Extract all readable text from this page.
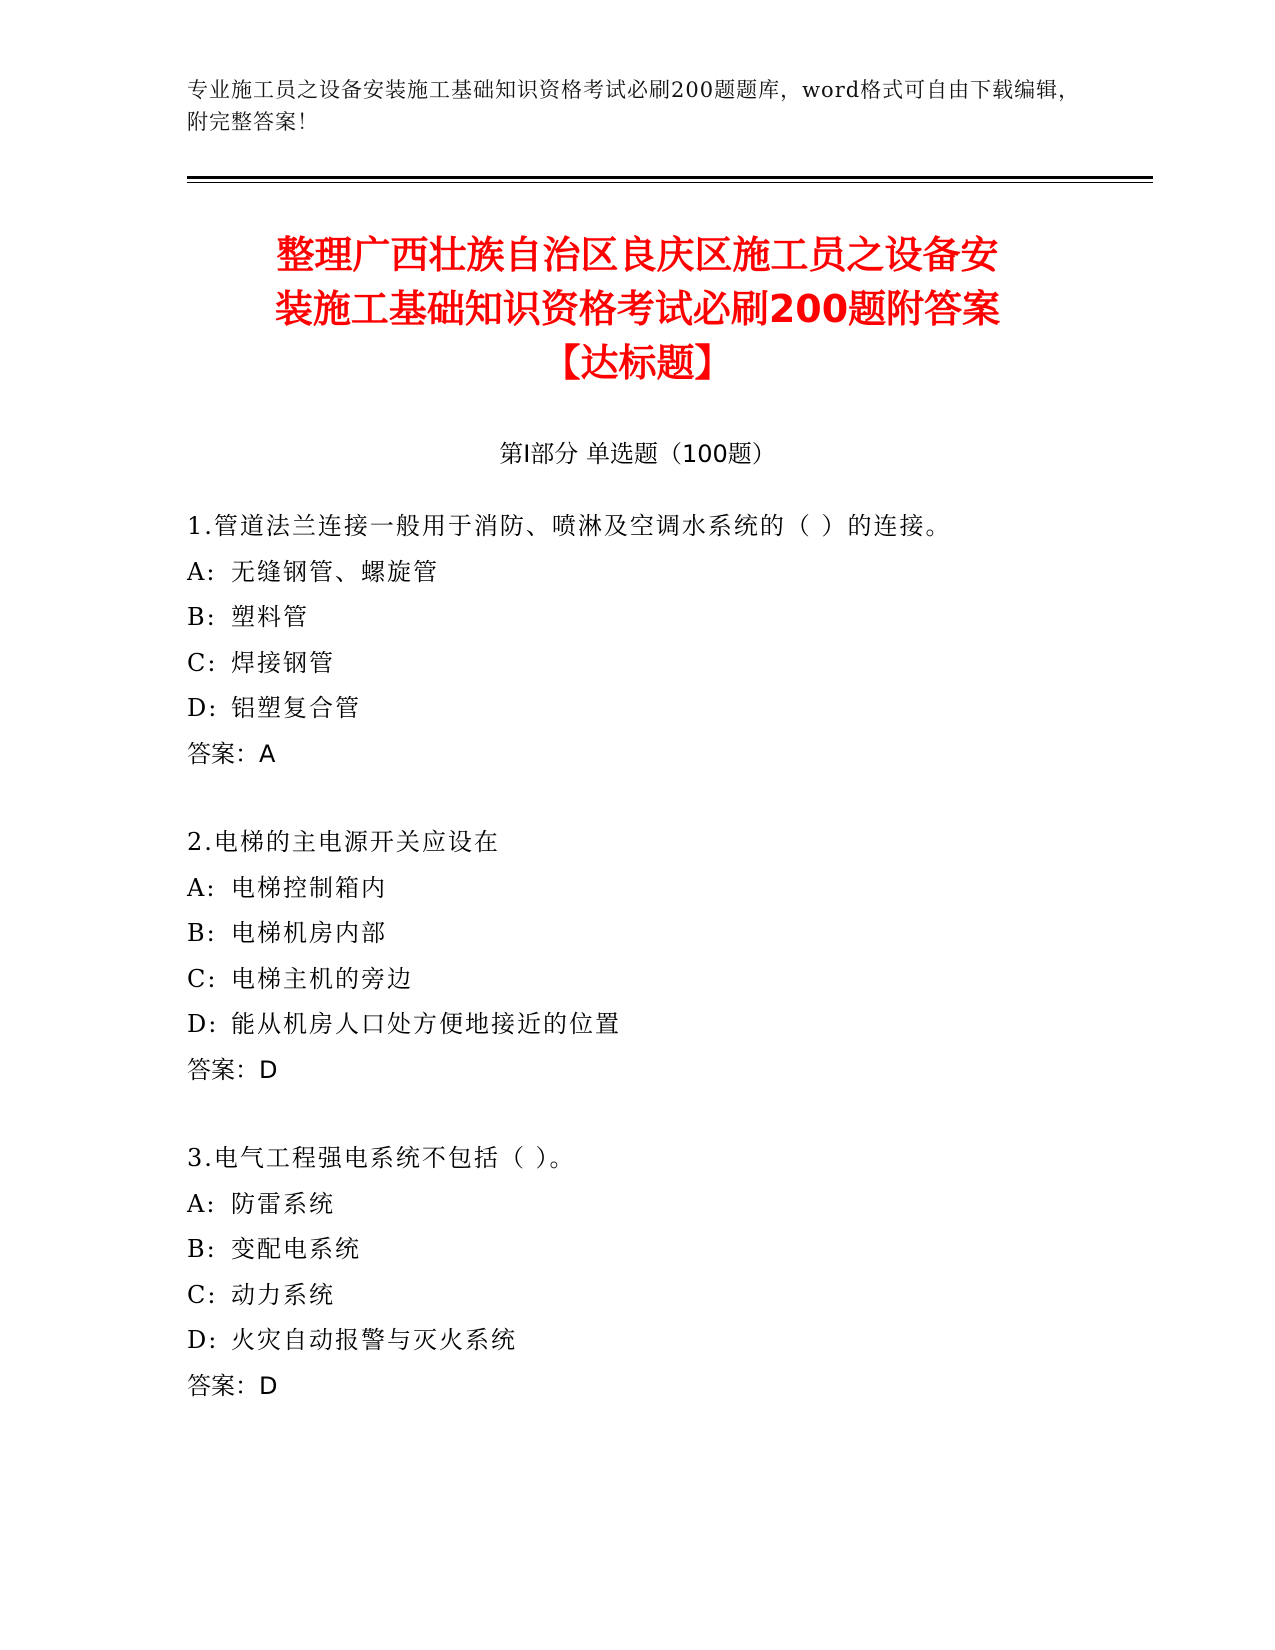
专业施工员之设备安装施工基础知识资格考试必刷200题题库，word格式可自由下载编辑，附完整答案！
整理广西壮族自治区良庆区施工员之设备安
装施工基础知识资格考试必刷200题附答案
【达标题】
第I部分 单选题（100题）
1.管道法兰连接一般用于消防、喷淋及空调水系统的（ ）的连接。
A: 无缝钢管、螺旋管
B: 塑料管
C: 焊接钢管
D: 铝塑复合管
答案：A
2.电梯的主电源开关应设在
A: 电梯控制箱内
B: 电梯机房内部
C: 电梯主机的旁边
D: 能从机房人口处方便地接近的位置
答案：D
3.电气工程强电系统不包括（ ）。
A: 防雷系统
B: 变配电系统
C: 动力系统
D: 火灾自动报警与灭火系统
答案：D
